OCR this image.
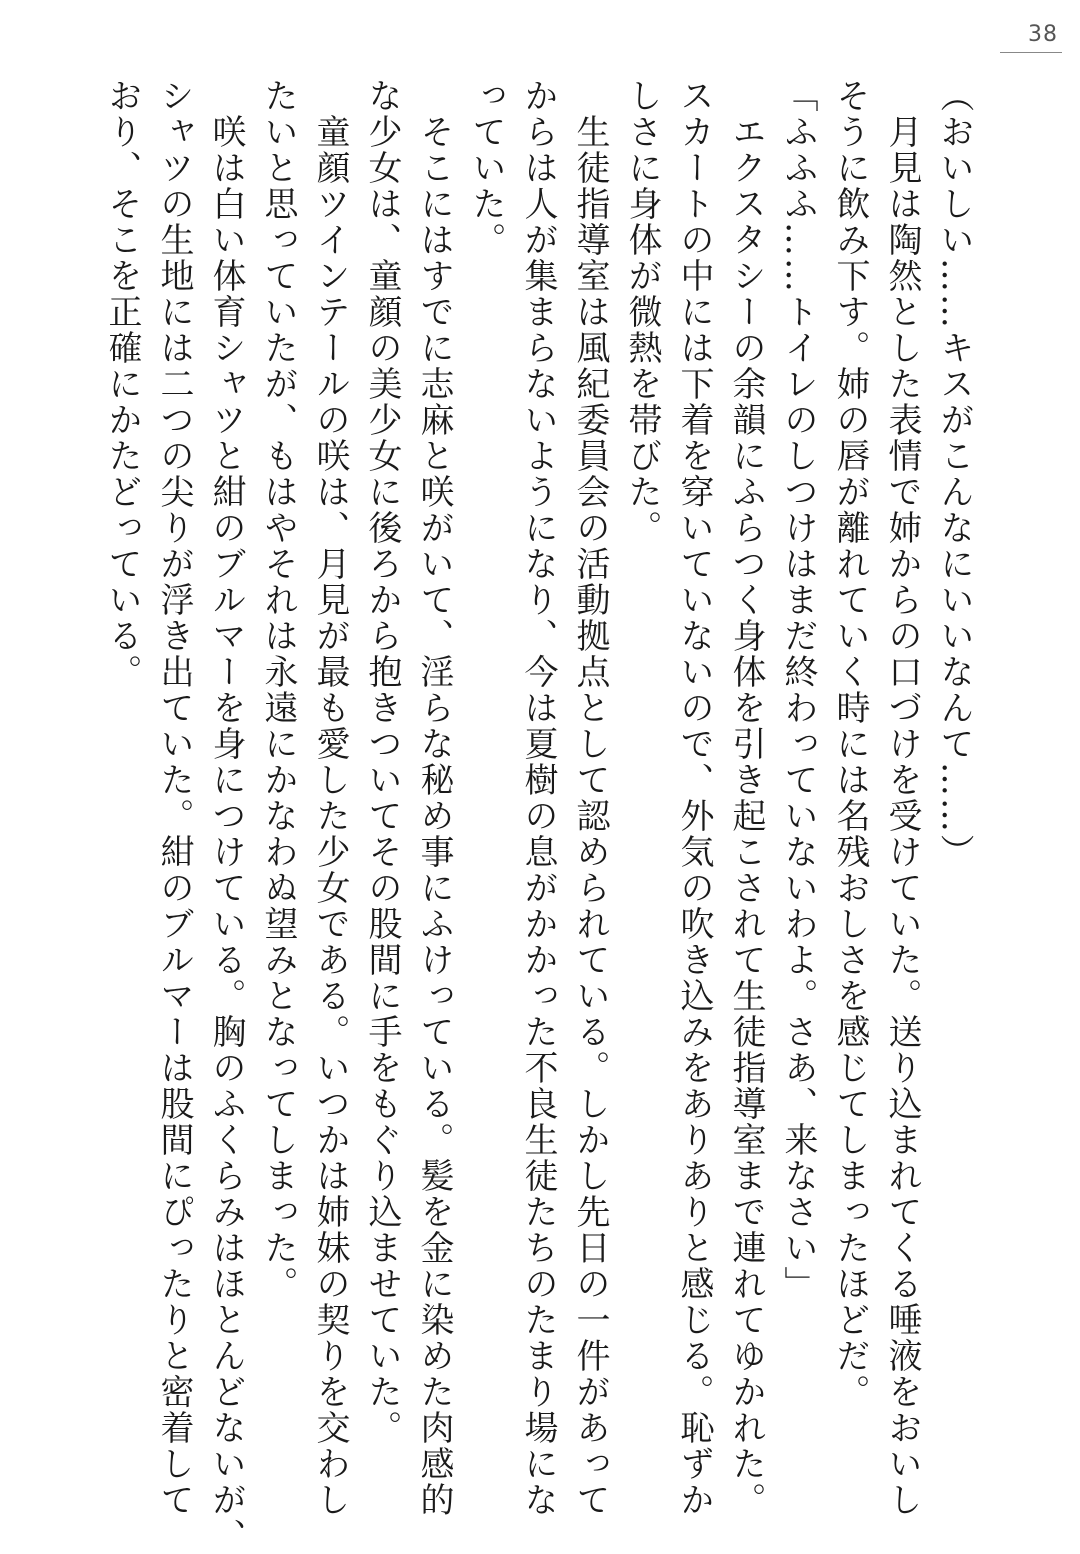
38

（おいしい……キスがこんなにいいなんて……）

　月見は陶然とした表情で姉からの口づけを受けていた。送り込まれてくる唾液をおいし

そうに飲み下す。姉の唇が離れていく時には名残おしさを感じてしまったほどだ。

「ふふふ……トイレのしつけはまだ終わっていないわよ。さあ、来なさい」

　エクスタシーの余韻にふらつく身体を引き起こされて生徒指導室まで連れてゆかれた。

スカートの中には下着を穿いていないので、外気の吹き込みをありありと感じる。恥ずか

しさに身体が微熱を帯びた。

　生徒指導室は風紀委員会の活動拠点として認められている。しかし先日の一件があって

からは人が集まらないようになり、今は夏樹の息がかかった不良生徒たちのたまり場にな

っていた。

　そこにはすでに志麻と咲がいて、淫らな秘め事にふけっている。髪を金に染めた肉感的

な少女は、童顔の美少女に後ろから抱きついてその股間に手をもぐり込ませていた。

　童顔ツインテールの咲は、月見が最も愛した少女である。いつかは姉妹の契りを交わし

たいと思っていたが、もはやそれは永遠にかなわぬ望みとなってしまった。

　咲は白い体育シャツと紺のブルマーを身につけている。胸のふくらみはほとんどないが、

シャツの生地には二つの尖りが浮き出ていた。紺のブルマーは股間にぴったりと密着して

おり、そこを正確にかたどっている。
